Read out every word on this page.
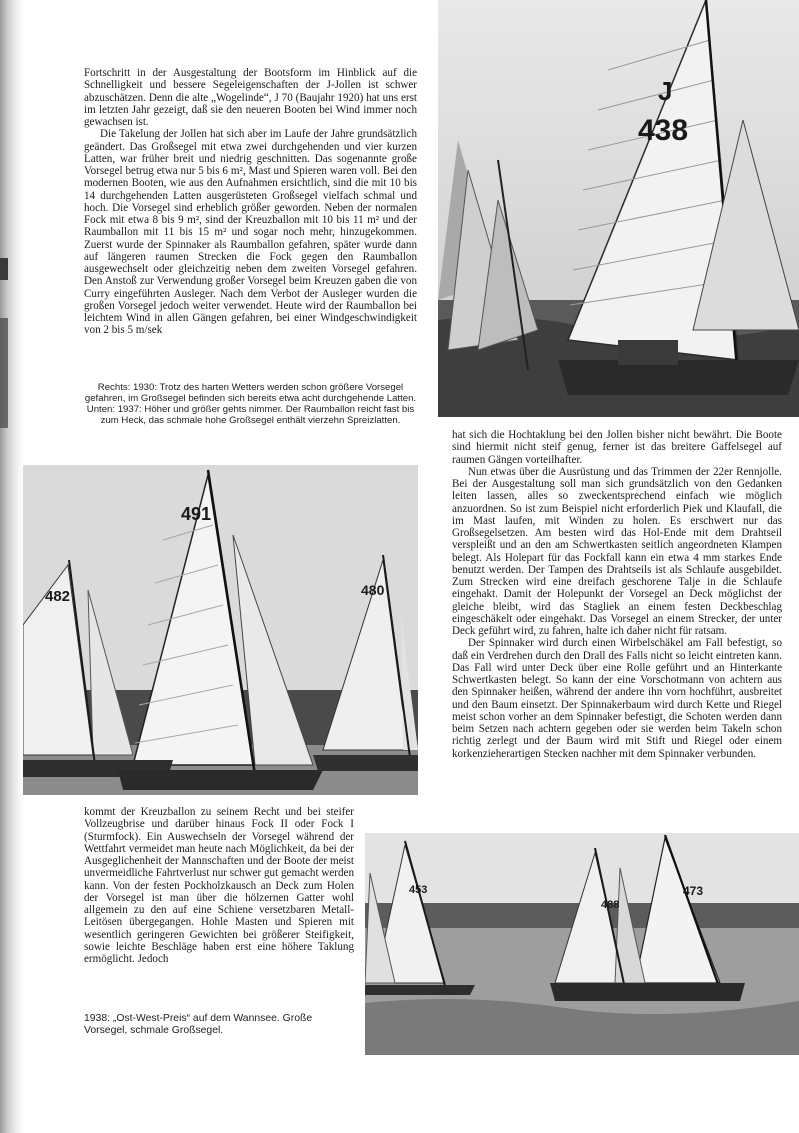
Fortschritt in der Ausgestaltung der Bootsform im Hinblick auf die Schnelligkeit und bessere Segeleigenschaften der J-Jollen ist schwer abzuschätzen. Denn die alte „Wogelinde“, J 70 (Baujahr 1920) hat uns erst im letzten Jahr gezeigt, daß sie den neueren Booten bei Wind immer noch gewachsen ist.

Die Takelung der Jollen hat sich aber im Laufe der Jahre grundsätzlich geändert. Das Großsegel mit etwa zwei durchgehenden und vier kurzen Latten, war früher breit und niedrig geschnitten. Das sogenannte große Vorsegel betrug etwa nur 5 bis 6 m², Mast und Spieren waren voll. Bei den modernen Booten, wie aus den Aufnahmen ersichtlich, sind die mit 10 bis 14 durchgehenden Latten ausgerüsteten Großsegel vielfach schmal und hoch. Die Vorsegel sind erheblich größer geworden. Neben der normalen Fock mit etwa 8 bis 9 m², sind der Kreuzballon mit 10 bis 11 m² und der Raumballon mit 11 bis 15 m² und sogar noch mehr, hinzugekommen. Zuerst wurde der Spinnaker als Raumballon gefahren, später wurde dann auf längeren raumen Strecken die Fock gegen den Raumballon ausgewechselt oder gleichzeitig neben dem zweiten Vorsegel gefahren. Den Anstoß zur Verwendung großer Vorsegel beim Kreuzen gaben die von Curry eingeführten Ausleger. Nach dem Verbot der Ausleger wurden die großen Vorsegel jedoch weiter verwendet. Heute wird der Raumballon bei leichtem Wind in allen Gängen gefahren, bei einer Windgeschwindigkeit von 2 bis 5 m/sek

Rechts: 1930: Trotz des harten Wetters werden schon größere Vorsegel gefahren, im Großsegel befinden sich bereits etwa acht durchgehende Latten.

Unten: 1937: Höher und größer gehts nimmer. Der Raumballon reicht fast bis zum Heck, das schmale hohe Großsegel enthält vierzehn Spreizlatten.

438
J

hat sich die Hochtaklung bei den Jollen bisher nicht bewährt. Die Boote sind hiermit nicht steif genug, ferner ist das breitere Gaffelsegel auf raumen Gängen vorteilhafter.

Nun etwas über die Ausrüstung und das Trimmen der 22er Rennjolle. Bei der Ausgestaltung soll man sich grundsätzlich von den Gedanken leiten lassen, alles so zweckentsprechend einfach wie möglich anzuordnen. So ist zum Beispiel nicht erforderlich Piek und Klaufall, die im Mast laufen, mit Winden zu holen. Es erschwert nur das Großsegelsetzen. Am besten wird das Hol-Ende mit dem Drahtseil verspleißt und an den am Schwertkasten seitlich angeordneten Klampen belegt. Als Holepart für das Fockfall kann ein etwa 4 mm starkes Ende benutzt werden. Der Tampen des Drahtseils ist als Schlaufe ausgebildet. Zum Strecken wird eine dreifach geschorene Talje in die Schlaufe eingehakt. Damit der Holepunkt der Vorsegel an Deck möglichst der gleiche bleibt, wird das Stagliek an einem festen Deckbeschlag eingeschäkelt oder eingehakt. Das Vorsegel an einem Strecker, der unter Deck geführt wird, zu fahren, halte ich daher nicht für ratsam.

Der Spinnaker wird durch einen Wirbelschäkel am Fall befestigt, so daß ein Verdrehen durch den Drall des Falls nicht so leicht eintreten kann. Das Fall wird unter Deck über eine Rolle geführt und an Hinterkante Schwertkasten belegt. So kann der eine Vorschotmann von achtern aus den Spinnaker heißen, während der andere ihn vorn hochführt, ausbreitet und den Baum einsetzt. Der Spinnakerbaum wird durch Kette und Riegel meist schon vorher an dem Spinnaker befestigt, die Schoten werden dann beim Setzen nach achtern gegeben oder sie werden beim Takeln schon richtig zerlegt und der Baum wird mit Stift und Riegel oder einem korkenzieherartigen Stecken nachher mit dem Spinnaker verbunden.

482
491
480

kommt der Kreuzballon zu seinem Recht und bei steifer Vollzeugbrise und darüber hinaus Fock II oder Fock I (Sturmfock). Ein Auswechseln der Vorsegel während der Wettfahrt vermeidet man heute nach Möglichkeit, da bei der Ausgeglichenheit der Mannschaften und der Boote der meist unvermeidliche Fahrtverlust nur schwer gut gemacht werden kann. Von der festen Pockholzkausch an Deck zum Holen der Vorsegel ist man über die hölzernen Gatter wohl allgemein zu den auf eine Schiene versetzbaren Metall-Leitösen übergegangen. Hohle Masten und Spieren mit wesentlich geringeren Gewichten bei größerer Steifigkeit, sowie leichte Beschläge haben erst eine höhere Taklung ermöglicht. Jedoch

1938: „Ost-West-Preis“ auf dem Wannsee. Große Vorsegel, schmale Großsegel.

453
488
473
